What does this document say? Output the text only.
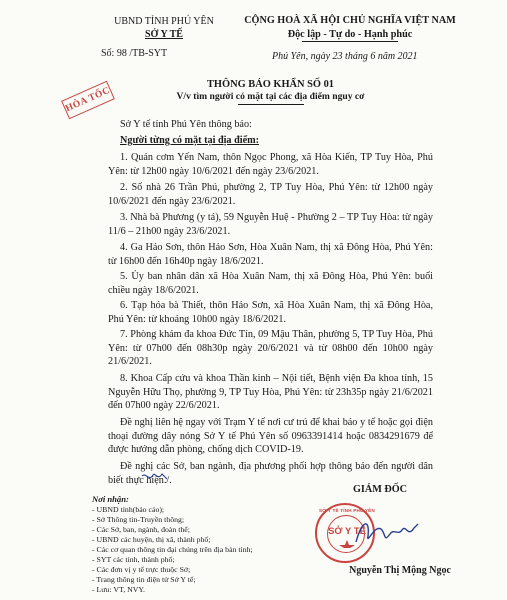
UBND TỈNH PHÚ YÊN
SỞ Y TẾ
Số: 98 /TB-SYT
CỘNG HOÀ XÃ HỘI CHỦ NGHĨA VIỆT NAM
Độc lập - Tự do - Hạnh phúc
Phú Yên, ngày 23 tháng 6 năm 2021
HỎA TỐC
THÔNG BÁO KHẨN SỐ 01
V/v tìm người có mặt tại các địa điểm nguy cơ
Sở Y tế tỉnh Phú Yên thông báo:
Người từng có mặt tại địa điểm:
1. Quán cơm Yến Nam, thôn Ngọc Phong, xã Hòa Kiến, TP Tuy Hòa, Phú Yên: từ 12h00 ngày 10/6/2021 đến ngày 23/6/2021.
2. Số nhà 26 Trần Phú, phường 2, TP Tuy Hòa, Phú Yên: từ 12h00 ngày 10/6/2021 đến ngày 23/6/2021.
3. Nhà bà Phương (y tá), 59 Nguyễn Huệ - Phường 2 – TP Tuy Hòa: từ ngày 11/6 – 21h00 ngày 23/6/2021.
4. Ga Hảo Sơn, thôn Hảo Sơn, Hòa Xuân Nam, thị xã Đông Hòa, Phú Yên: từ 16h00 đến 16h40p ngày 18/6/2021.
5. Ủy ban nhân dân xã Hòa Xuân Nam, thị xã Đông Hòa, Phú Yên: buổi chiều ngày 18/6/2021.
6. Tạp hóa bà Thiết, thôn Hảo Sơn, xã Hòa Xuân Nam, thị xã Đông Hòa, Phú Yên: từ khoảng 10h00 ngày 18/6/2021.
7. Phòng khám đa khoa Đức Tín, 09 Mậu Thân, phường 5, TP Tuy Hòa, Phú Yên: từ 07h00 đến 08h30p ngày 20/6/2021 và từ 08h00 đến 10h00 ngày 21/6/2021.
8. Khoa Cấp cứu và khoa Thần kinh – Nội tiết, Bệnh viện Đa khoa tỉnh, 15 Nguyễn Hữu Thọ, phường 9, TP Tuy Hòa, Phú Yên: từ 23h35p ngày 21/6/2021 đến 07h00 ngày 22/6/2021.
Đề nghị liên hệ ngay với Trạm Y tế nơi cư trú để khai báo y tế hoặc gọi điện thoại đường dây nóng Sở Y tế Phú Yên số 0963391414 hoặc 0834291679 để được hướng dẫn phòng, chống dịch COVID-19.
Đề nghị các Sở, ban ngành, địa phương phối hợp thông báo đến người dân biết thực hiện./.
Nơi nhận:
- UBND tỉnh(báo cáo);
- Sở Thông tin-Truyền thông;
- Các Sở, ban, ngành, đoàn thể;
- UBND các huyện, thị xã, thành phố;
- Các cơ quan thông tin đại chúng trên địa bàn tỉnh;
- SYT các tỉnh, thành phố;
- Các đơn vị y tế trực thuộc Sở;
- Trang thông tin điện tử Sở Y tế;
- Lưu: VT, NVY.
GIÁM ĐỐC
SỞ Y TẾ TỈNH PHÚ YÊN
SỞ Y TẾ
Nguyễn Thị Mộng Ngọc
